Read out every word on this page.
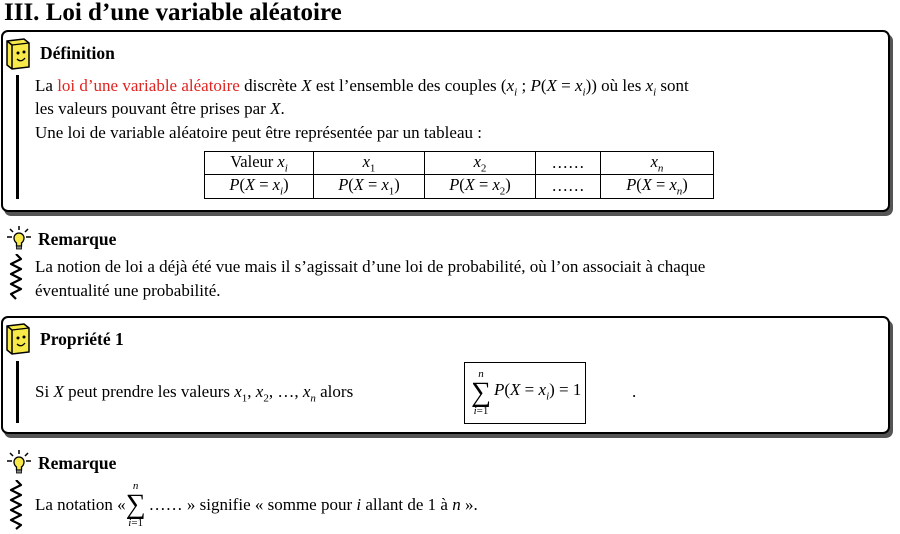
III. Loi d’une variable aléatoire
Définition
La loi d’une variable aléatoire discrète X est l’ensemble des couples ($x_i$ ; $P(X = x_i)$) où les $x_i$ sont
les valeurs pouvant être prises par X.
Une loi de variable aléatoire peut être représentée par un tableau :
Valeur $x_i$	$x_1$	$x_2$	……	$x_n$
$P(X = x_i)$	$P(X = x_1)$	$P(X = x_2)$	……	$P(X = x_n)$
Remarque
La notion de loi a déjà été vue mais il s’agissait d’une loi de probabilité, où l’on associait à chaque
éventualité une probabilité.
Propriété 1
Si X peut prendre les valeurs $x_1$, $x_2$, …, $x_n$ alors
n
∑
i=1
$P(X = x_i) = 1$	.
Remarque
La notation «
n
∑
i=1
…… » signifie « somme pour i allant de 1 à n ».
